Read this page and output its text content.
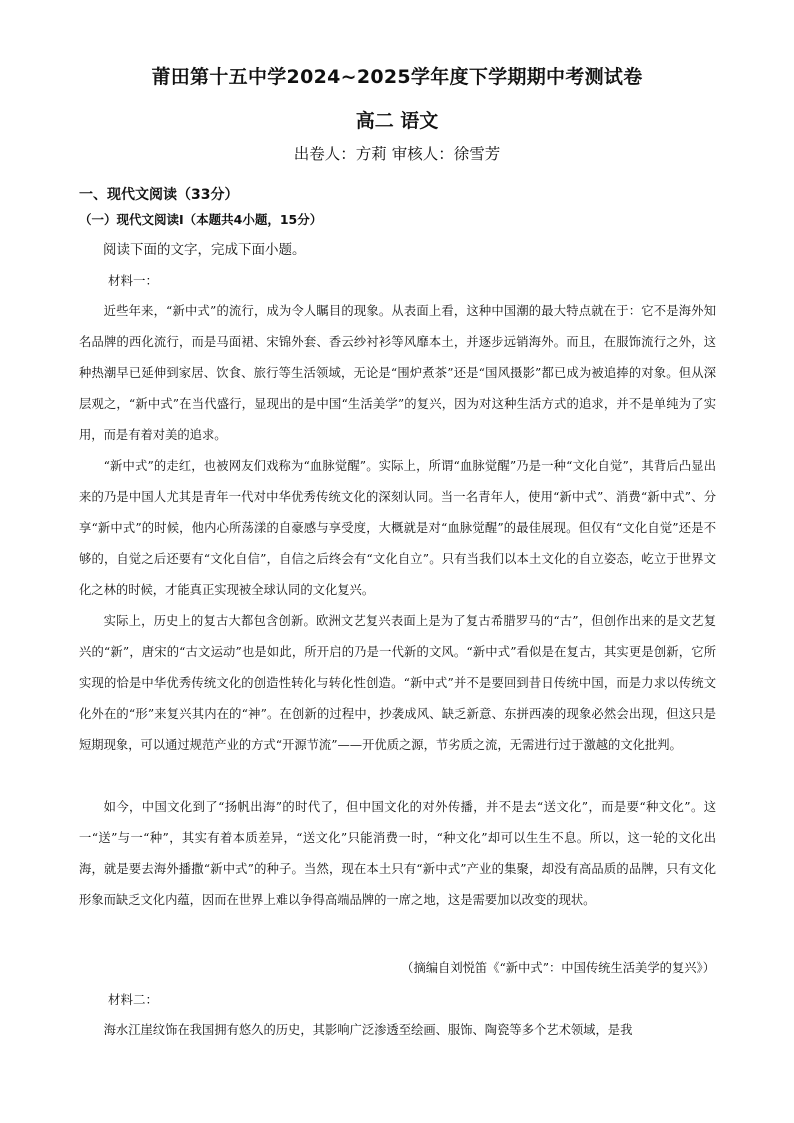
莆田第十五中学2024~2025学年度下学期期中考测试卷
高二 语文
出卷人：方莉 审核人：徐雪芳
一、现代文阅读（33分）
（一）现代文阅读Ⅰ（本题共4小题，15分）
阅读下面的文字，完成下面小题。
材料一：

近些年来，“新中式”的流行，成为令人瞩目的现象。从表面上看，这种中国潮的最大特点就在于：它不是海外知名品牌的西化流行，而是马面裙、宋锦外套、香云纱衬衫等风靡本土，并逐步远销海外。而且，在服饰流行之外，这种热潮早已延伸到家居、饮食、旅行等生活领域，无论是“围炉煮茶”还是“国风摄影”都已成为被追捧的对象。但从深层观之，“新中式”在当代盛行，显现出的是中国“生活美学”的复兴，因为对这种生活方式的追求，并不是单纯为了实用，而是有着对美的追求。

“新中式”的走红，也被网友们戏称为“血脉觉醒”。实际上，所谓“血脉觉醒”乃是一种“文化自觉”，其背后凸显出来的乃是中国人尤其是青年一代对中华优秀传统文化的深刻认同。当一名青年人，使用“新中式”、消费“新中式”、分享“新中式”的时候，他内心所荡漾的自豪感与享受度，大概就是对“血脉觉醒”的最佳展现。但仅有“文化自觉”还是不够的，自觉之后还要有“文化自信”，自信之后终会有“文化自立”。只有当我们以本土文化的自立姿态，屹立于世界文化之林的时候，才能真正实现被全球认同的文化复兴。

实际上，历史上的复古大都包含创新。欧洲文艺复兴表面上是为了复古希腊罗马的“古”，但创作出来的是文艺复兴的“新”，唐宋的“古文运动”也是如此，所开启的乃是一代新的文风。“新中式”看似是在复古，其实更是创新，它所实现的恰是中华优秀传统文化的创造性转化与转化性创造。“新中式”并不是要回到昔日传统中国，而是力求以传统文化外在的“形”来复兴其内在的“神”。在创新的过程中，抄袭成风、缺乏新意、东拼西凑的现象必然会出现，但这只是短期现象，可以通过规范产业的方式“开源节流”——开优质之源，节劣质之流，无需进行过于激越的文化批判。

如今，中国文化到了“扬帆出海”的时代了，但中国文化的对外传播，并不是去“送文化”，而是要“种文化”。这一“送”与一“种”，其实有着本质差异，“送文化”只能消费一时，“种文化”却可以生生不息。所以，这一轮的文化出海，就是要去海外播撒“新中式”的种子。当然，现在本土只有“新中式”产业的集聚，却没有高品质的品牌，只有文化形象而缺乏文化内蕴，因而在世界上难以争得高端品牌的一席之地，这是需要加以改变的现状。

（摘编自刘悦笛《“新中式”：中国传统生活美学的复兴》）
材料二：

海水江崖纹饰在我国拥有悠久的历史，其影响广泛渗透至绘画、服饰、陶瓷等多个艺术领域，是我
